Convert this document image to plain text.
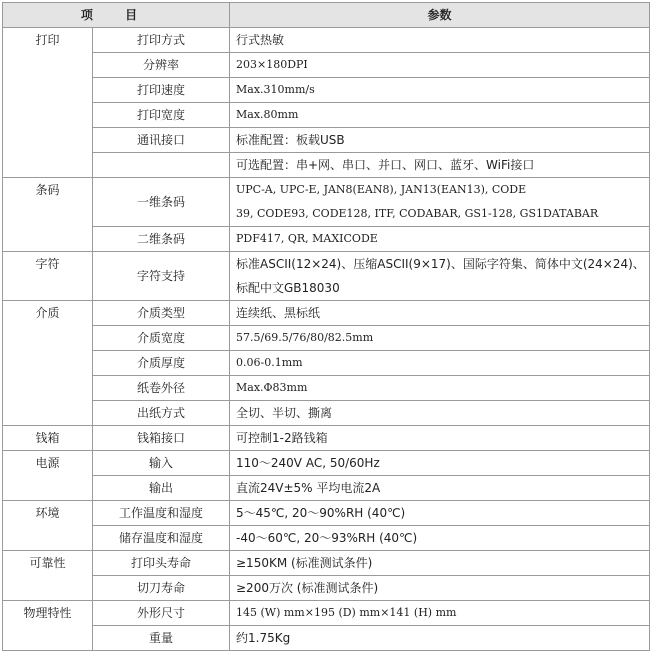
项 目		参数
打印	打印方式	行式热敏

	分辨率	203×180DPI

	打印速度	Max.310mm/s

	打印宽度	Max.80mm

	通讯接口	标准配置：板载USB

		可选配置：串+网、串口、并口、网口、蓝牙、WiFi接口

条码	一维条码	UPC-A, UPC-E, JAN8(EAN8), JAN13(EAN13), CODE
39, CODE93, CODE128, ITF, CODABAR, GS1-128, GS1DATABAR

	二维条码	PDF417, QR, MAXICODE

字符	字符支持	标准ASCII(12×24)、压缩ASCII(9×17)、国际字符集、简体中文(24×24)、
标配中文GB18030

介质	介质类型	连续纸、黑标纸

	介质宽度	57.5/69.5/76/80/82.5mm

	介质厚度	0.06-0.1mm

	纸卷外径	Max.Φ83mm

	出纸方式	全切、半切、撕离

钱箱	钱箱接口	可控制1-2路钱箱

电源	输入	110～240V AC, 50/60Hz

	输出	直流24V±5% 平均电流2A

环境	工作温度和湿度	5～45℃, 20～90%RH (40℃)

	储存温度和湿度	-40～60℃, 20～93%RH (40℃)

可靠性	打印头寿命	≥150KM (标准测试条件)

	切刀寿命	≥200万次 (标准测试条件)

物理特性	外形尺寸	145 (W) mm×195 (D) mm×141 (H) mm

	重量	约1.75Kg
